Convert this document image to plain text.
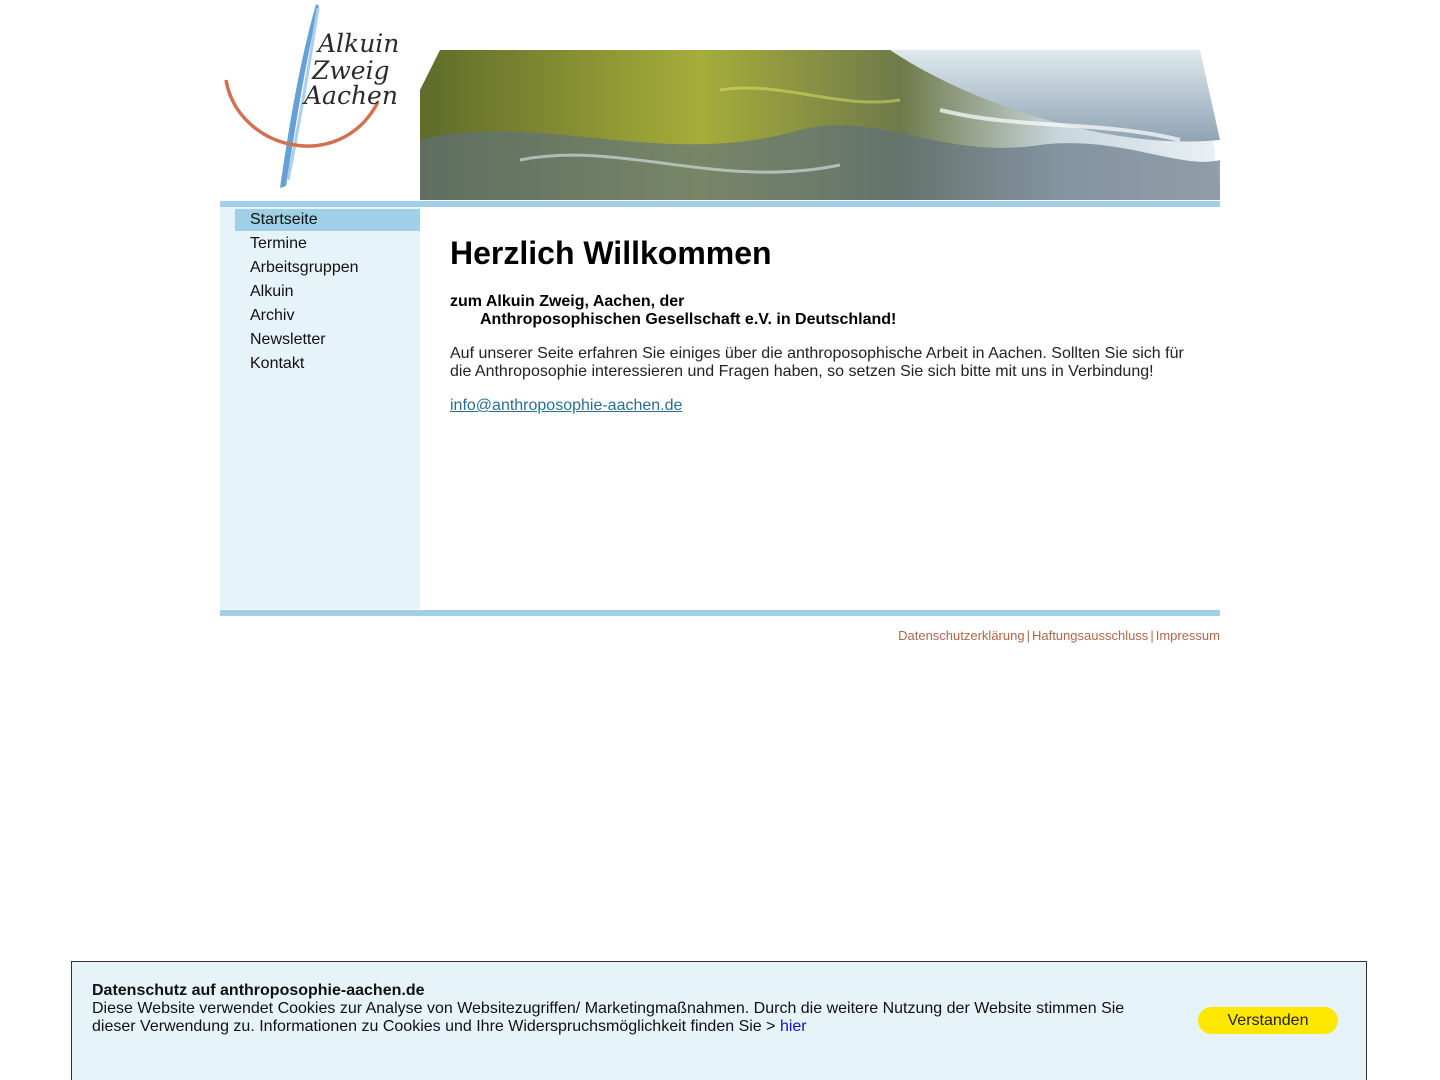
Alkuin
Zweig
Aachen
Startseite
Termine
Arbeitsgruppen
Alkuin
Archiv
Newsletter
Kontakt
Herzlich Willkommen
zum Alkuin Zweig, Aachen, der
Anthroposophischen Gesellschaft e.V. in Deutschland!
Auf unserer Seite erfahren Sie einiges über die anthroposophische Arbeit in Aachen. Sollten Sie sich für die Anthroposophie interessieren und Fragen haben, so setzen Sie sich bitte mit uns in Verbindung!
info@anthroposophie-aachen.de
Datenschutzerklärung | Haftungsausschluss | Impressum
Datenschutz auf anthroposophie-aachen.de
Diese Website verwendet Cookies zur Analyse von Websitezugriffen/ Marketingmaßnahmen. Durch die weitere Nutzung der Website stimmen Sie dieser Verwendung zu. Informationen zu Cookies und Ihre Widerspruchsmöglichkeit finden Sie > hier	Verstanden
